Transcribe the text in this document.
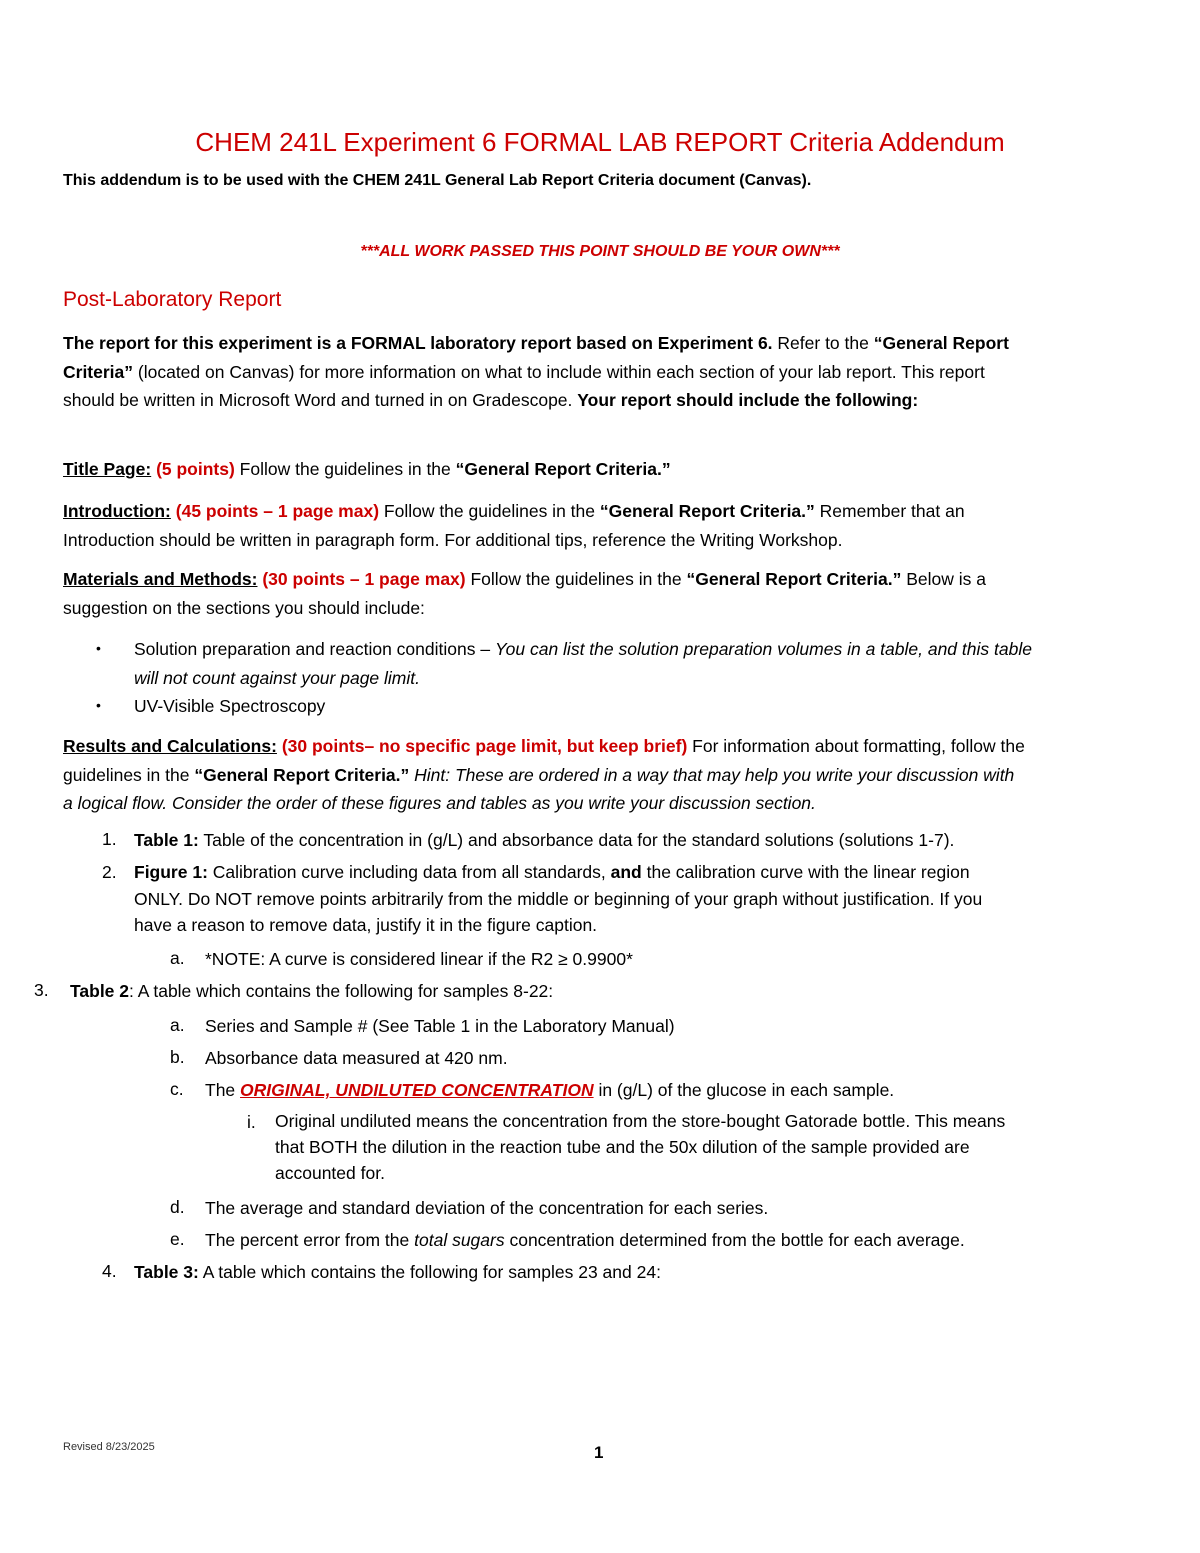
CHEM 241L Experiment 6 FORMAL LAB REPORT Criteria Addendum
This addendum is to be used with the CHEM 241L General Lab Report Criteria document (Canvas).
***ALL WORK PASSED THIS POINT SHOULD BE YOUR OWN***
Post-Laboratory Report
The report for this experiment is a FORMAL laboratory report based on Experiment 6. Refer to the “General Report
Criteria” (located on Canvas) for more information on what to include within each section of your lab report. This report
should be written in Microsoft Word and turned in on Gradescope. Your report should include the following:
Title Page: (5 points) Follow the guidelines in the “General Report Criteria.”
Introduction: (45 points – 1 page max) Follow the guidelines in the “General Report Criteria.” Remember that an
Introduction should be written in paragraph form. For additional tips, reference the Writing Workshop.
Materials and Methods: (30 points – 1 page max) Follow the guidelines in the “General Report Criteria.” Below is a
suggestion on the sections you should include:
• Solution preparation and reaction conditions – You can list the solution preparation volumes in a table, and this table
will not count against your page limit.
• UV-Visible Spectroscopy
Results and Calculations: (30 points– no specific page limit, but keep brief) For information about formatting, follow the
guidelines in the “General Report Criteria.” Hint: These are ordered in a way that may help you write your discussion with
a logical flow. Consider the order of these figures and tables as you write your discussion section.
1. Table 1: Table of the concentration in (g/L) and absorbance data for the standard solutions (solutions 1-7).
2. Figure 1: Calibration curve including data from all standards, and the calibration curve with the linear region
ONLY. Do NOT remove points arbitrarily from the middle or beginning of your graph without justification. If you
have a reason to remove data, justify it in the figure caption.
a. *NOTE: A curve is considered linear if the R2 ≥ 0.9900*
3. Table 2: A table which contains the following for samples 8-22:
a. Series and Sample # (See Table 1 in the Laboratory Manual)
b. Absorbance data measured at 420 nm.
c. The ORIGINAL, UNDILUTED CONCENTRATION in (g/L) of the glucose in each sample.
i. Original undiluted means the concentration from the store-bought Gatorade bottle. This means
that BOTH the dilution in the reaction tube and the 50x dilution of the sample provided are
accounted for.
d. The average and standard deviation of the concentration for each series.
e. The percent error from the total sugars concentration determined from the bottle for each average.
4. Table 3: A table which contains the following for samples 23 and 24:
Revised 8/23/2025	1
